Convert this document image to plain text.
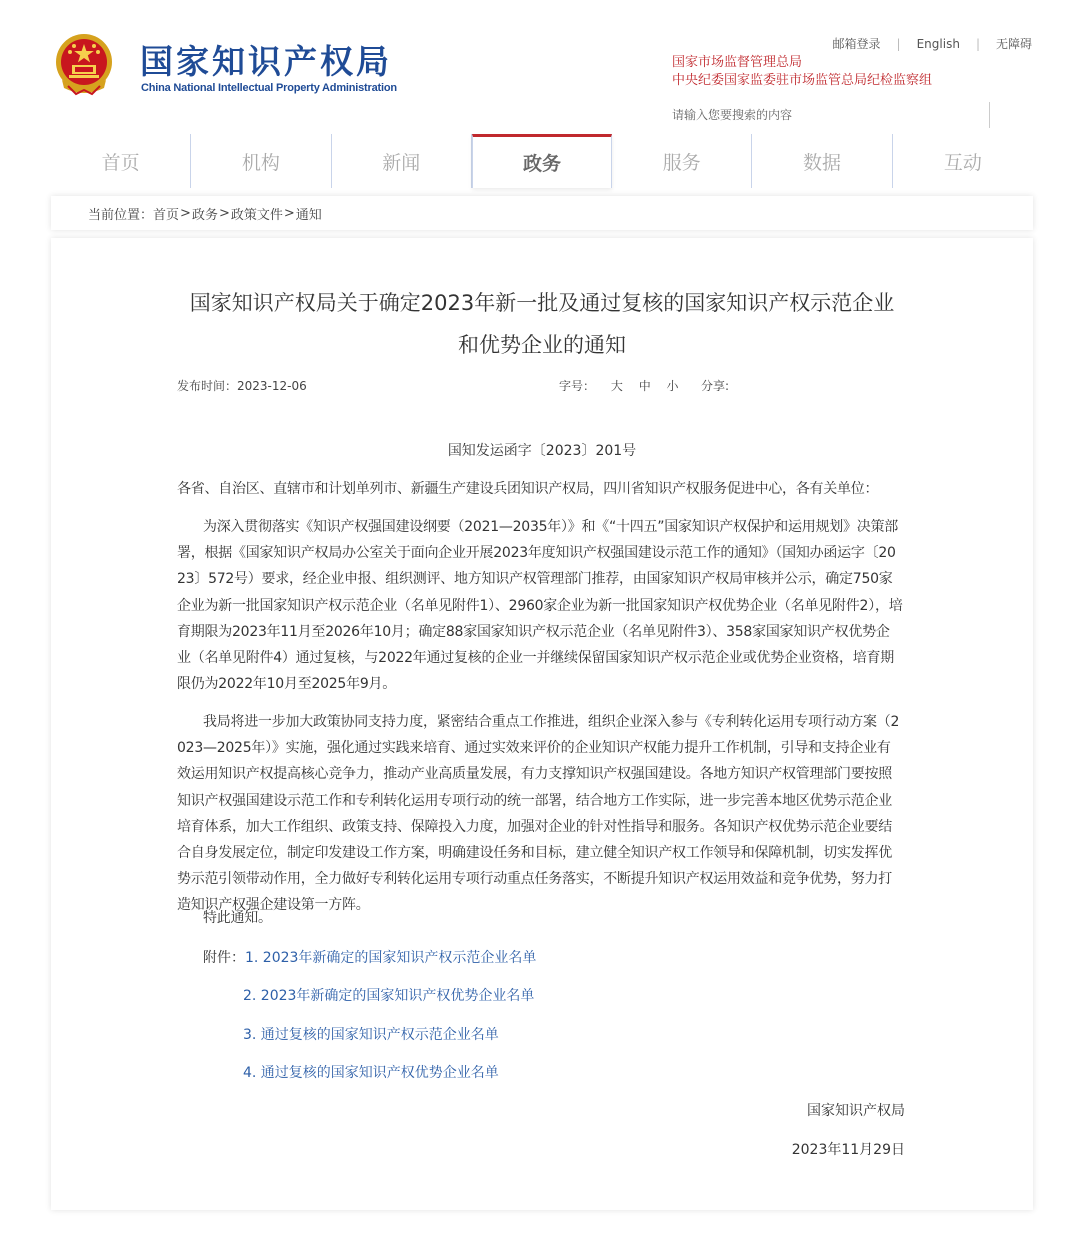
国家知识产权局
China National Intellectual Property Administration
邮箱登录 | English | 无障碍
国家市场监督管理总局
中央纪委国家监委驻市场监管总局纪检监察组
请输入您要搜索的内容
首页	机构	新闻	政务	服务	数据	互动
当前位置： 首页 > 政务 > 政策文件 > 通知
国家知识产权局关于确定2023年新一批及通过复核的国家知识产权示范企业
和优势企业的通知
发布时间：2023-12-06	字号： 大 中 小 分享:
国知发运函字〔2023〕201号
各省、自治区、直辖市和计划单列市、新疆生产建设兵团知识产权局，四川省知识产权服务促进中心，各有关单位：
为深入贯彻落实《知识产权强国建设纲要（2021—2035年）》和《“十四五”国家知识产权保护和运用规划》决策部署，根据《国家知识产权局办公室关于面向企业开展2023年度知识产权强国建设示范工作的通知》（国知办函运字〔2023〕572号）要求，经企业申报、组织测评、地方知识产权管理部门推荐，由国家知识产权局审核并公示，确定750家企业为新一批国家知识产权示范企业（名单见附件1）、2960家企业为新一批国家知识产权优势企业（名单见附件2），培育期限为2023年11月至2026年10月；确定88家国家知识产权示范企业（名单见附件3）、358家国家知识产权优势企业（名单见附件4）通过复核，与2022年通过复核的企业一并继续保留国家知识产权示范企业或优势企业资格，培育期限仍为2022年10月至2025年9月。
我局将进一步加大政策协同支持力度，紧密结合重点工作推进，组织企业深入参与《专利转化运用专项行动方案（2023—2025年）》实施，强化通过实践来培育、通过实效来评价的企业知识产权能力提升工作机制，引导和支持企业有效运用知识产权提高核心竞争力，推动产业高质量发展，有力支撑知识产权强国建设。各地方知识产权管理部门要按照知识产权强国建设示范工作和专利转化运用专项行动的统一部署，结合地方工作实际，进一步完善本地区优势示范企业培育体系，加大工作组织、政策支持、保障投入力度，加强对企业的针对性指导和服务。各知识产权优势示范企业要结合自身发展定位，制定印发建设工作方案，明确建设任务和目标，建立健全知识产权工作领导和保障机制，切实发挥优势示范引领带动作用，全力做好专利转化运用专项行动重点任务落实，不断提升知识产权运用效益和竞争优势，努力打造知识产权强企建设第一方阵。
特此通知。
附件：1. 2023年新确定的国家知识产权示范企业名单
2. 2023年新确定的国家知识产权优势企业名单
3. 通过复核的国家知识产权示范企业名单
4. 通过复核的国家知识产权优势企业名单
国家知识产权局
2023年11月29日
